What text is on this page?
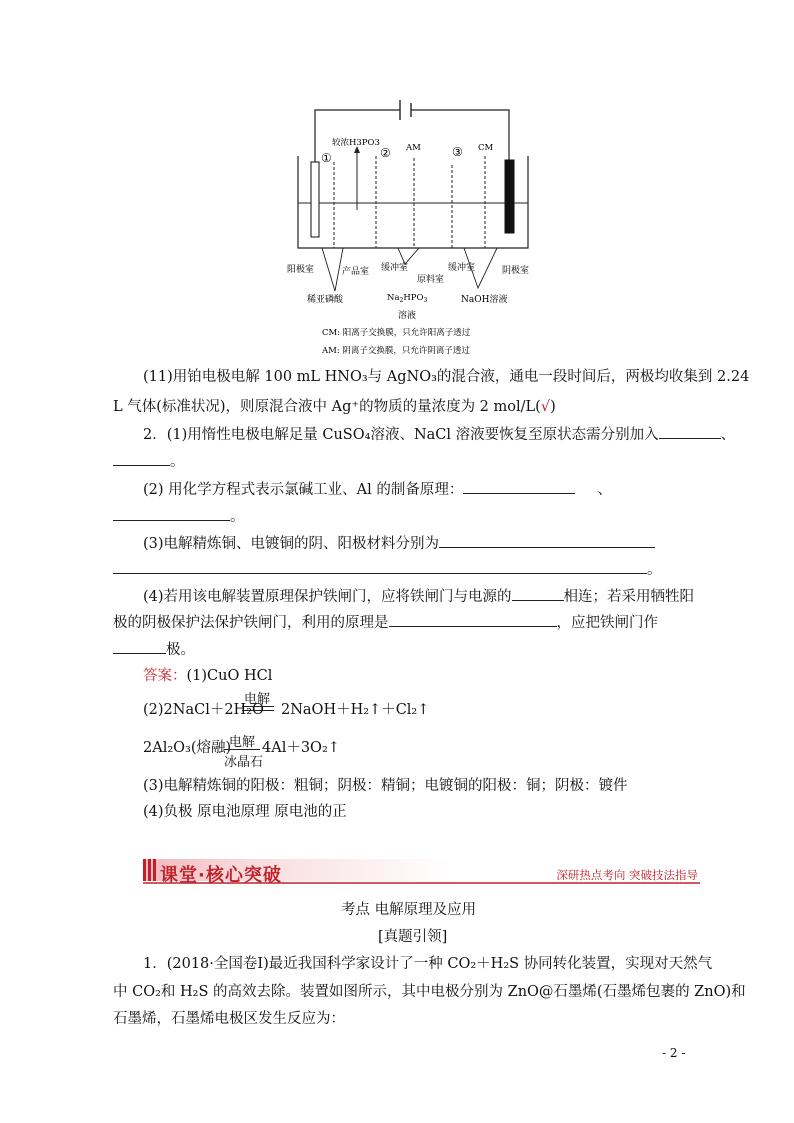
①
较浓H3PO3
② AM	③ CM
阳极室	产品室 缓冲室
原料室
缓冲室	阴极室
稀亚磷酸	$Na_2HPO_3$
溶液
NaOH溶液
CM: 阳离子交换膜，只允许阳离子透过
AM: 阴离子交换膜，只允许阴离子透过
(11)用铂电极电解 100 mL HNO₃与 AgNO₃的混合液，通电一段时间后，两极均收集到 2.24
L 气体(标准状况)，则原混合液中 Ag⁺的物质的量浓度为 2 mol/L(√)
2．(1)用惰性电极电解足量 CuSO₄溶液、NaCl 溶液要恢复至原状态需分别加入	、
。
(2) 用化学方程式表示氯碱工业、Al 的制备原理：	、
。
(3)电解精炼铜、电镀铜的阴、阳极材料分别为
。
(4)若用该电解装置原理保护铁闸门，应将铁闸门与电源的	相连；若采用牺牲阳
极的阴极保护法保护铁闸门，利用的原理是	，应把铁闸门作
极。
答案：(1)CuO HCl
(2)2NaCl＋2H₂O
电解
2NaOH＋H₂↑＋Cl₂↑
2Al₂O₃(熔融)
电解
冰晶石
4Al＋3O₂↑
(3)电解精炼铜的阳极：粗铜；阴极：精铜；电镀铜的阳极：铜；阴极：镀件
(4)负极 原电池原理 原电池的正
课堂·核心突破	深研热点考向 突破技法指导
考点 电解原理及应用
[真题引领]
1．(2018·全国卷Ⅰ)最近我国科学家设计了一种 CO₂＋H₂S 协同转化装置，实现对天然气
中 CO₂和 H₂S 的高效去除。装置如图所示，其中电极分别为 ZnO@石墨烯(石墨烯包裹的 ZnO)和
石墨烯，石墨烯电极区发生反应为：
- 2 -
